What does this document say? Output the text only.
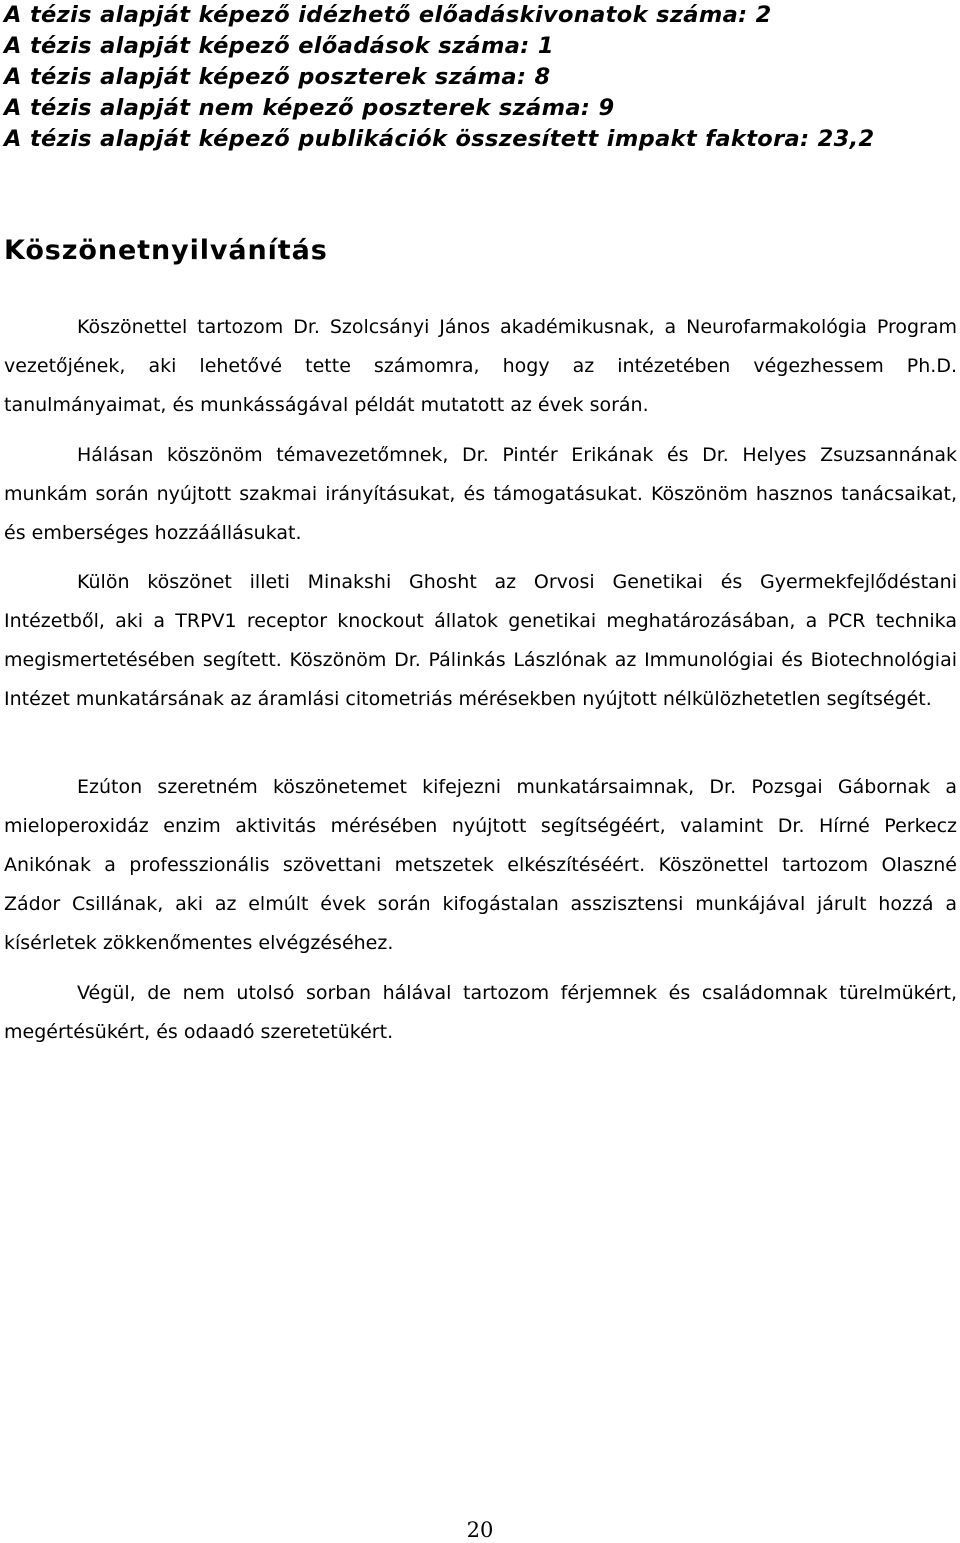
A tézis alapját képező idézhető előadáskivonatok száma: 2
A tézis alapját képező előadások száma: 1
A tézis alapját képező poszterek száma: 8
A tézis alapját nem képező poszterek száma: 9
A tézis alapját képező publikációk összesített impakt faktora: 23,2
Köszönetnyilvánítás

Köszönettel tartozom Dr. Szolcsányi János akadémikusnak, a Neurofarmakológia Program vezetőjének, aki lehetővé tette számomra, hogy az intézetében végezhessem Ph.D. tanulmányaimat, és munkásságával példát mutatott az évek során.

Hálásan köszönöm témavezetőmnek, Dr. Pintér Erikának és Dr. Helyes Zsuzsannának munkám során nyújtott szakmai irányításukat, és támogatásukat. Köszönöm hasznos tanácsaikat, és emberséges hozzáállásukat.

Külön köszönet illeti Minakshi Ghosht az Orvosi Genetikai és Gyermekfejlődéstani Intézetből, aki a TRPV1 receptor knockout állatok genetikai meghatározásában, a PCR technika megismertetésében segített. Köszönöm Dr. Pálinkás Lászlónak az Immunológiai és Biotechnológiai Intézet munkatársának az áramlási citometriás mérésekben nyújtott nélkülözhetetlen segítségét.

Ezúton szeretném köszönetemet kifejezni munkatársaimnak, Dr. Pozsgai Gábornak a mieloperoxidáz enzim aktivitás mérésében nyújtott segítségéért, valamint Dr. Hírné Perkecz Anikónak a professzionális szövettani metszetek elkészítéséért. Köszönettel tartozom Olaszné Zádor Csillának, aki az elmúlt évek során kifogástalan asszisztensi munkájával járult hozzá a kísérletek zökkenőmentes elvégzéséhez.

Végül, de nem utolsó sorban hálával tartozom férjemnek és családomnak türelmükért, megértésükért, és odaadó szeretetükért.

20
